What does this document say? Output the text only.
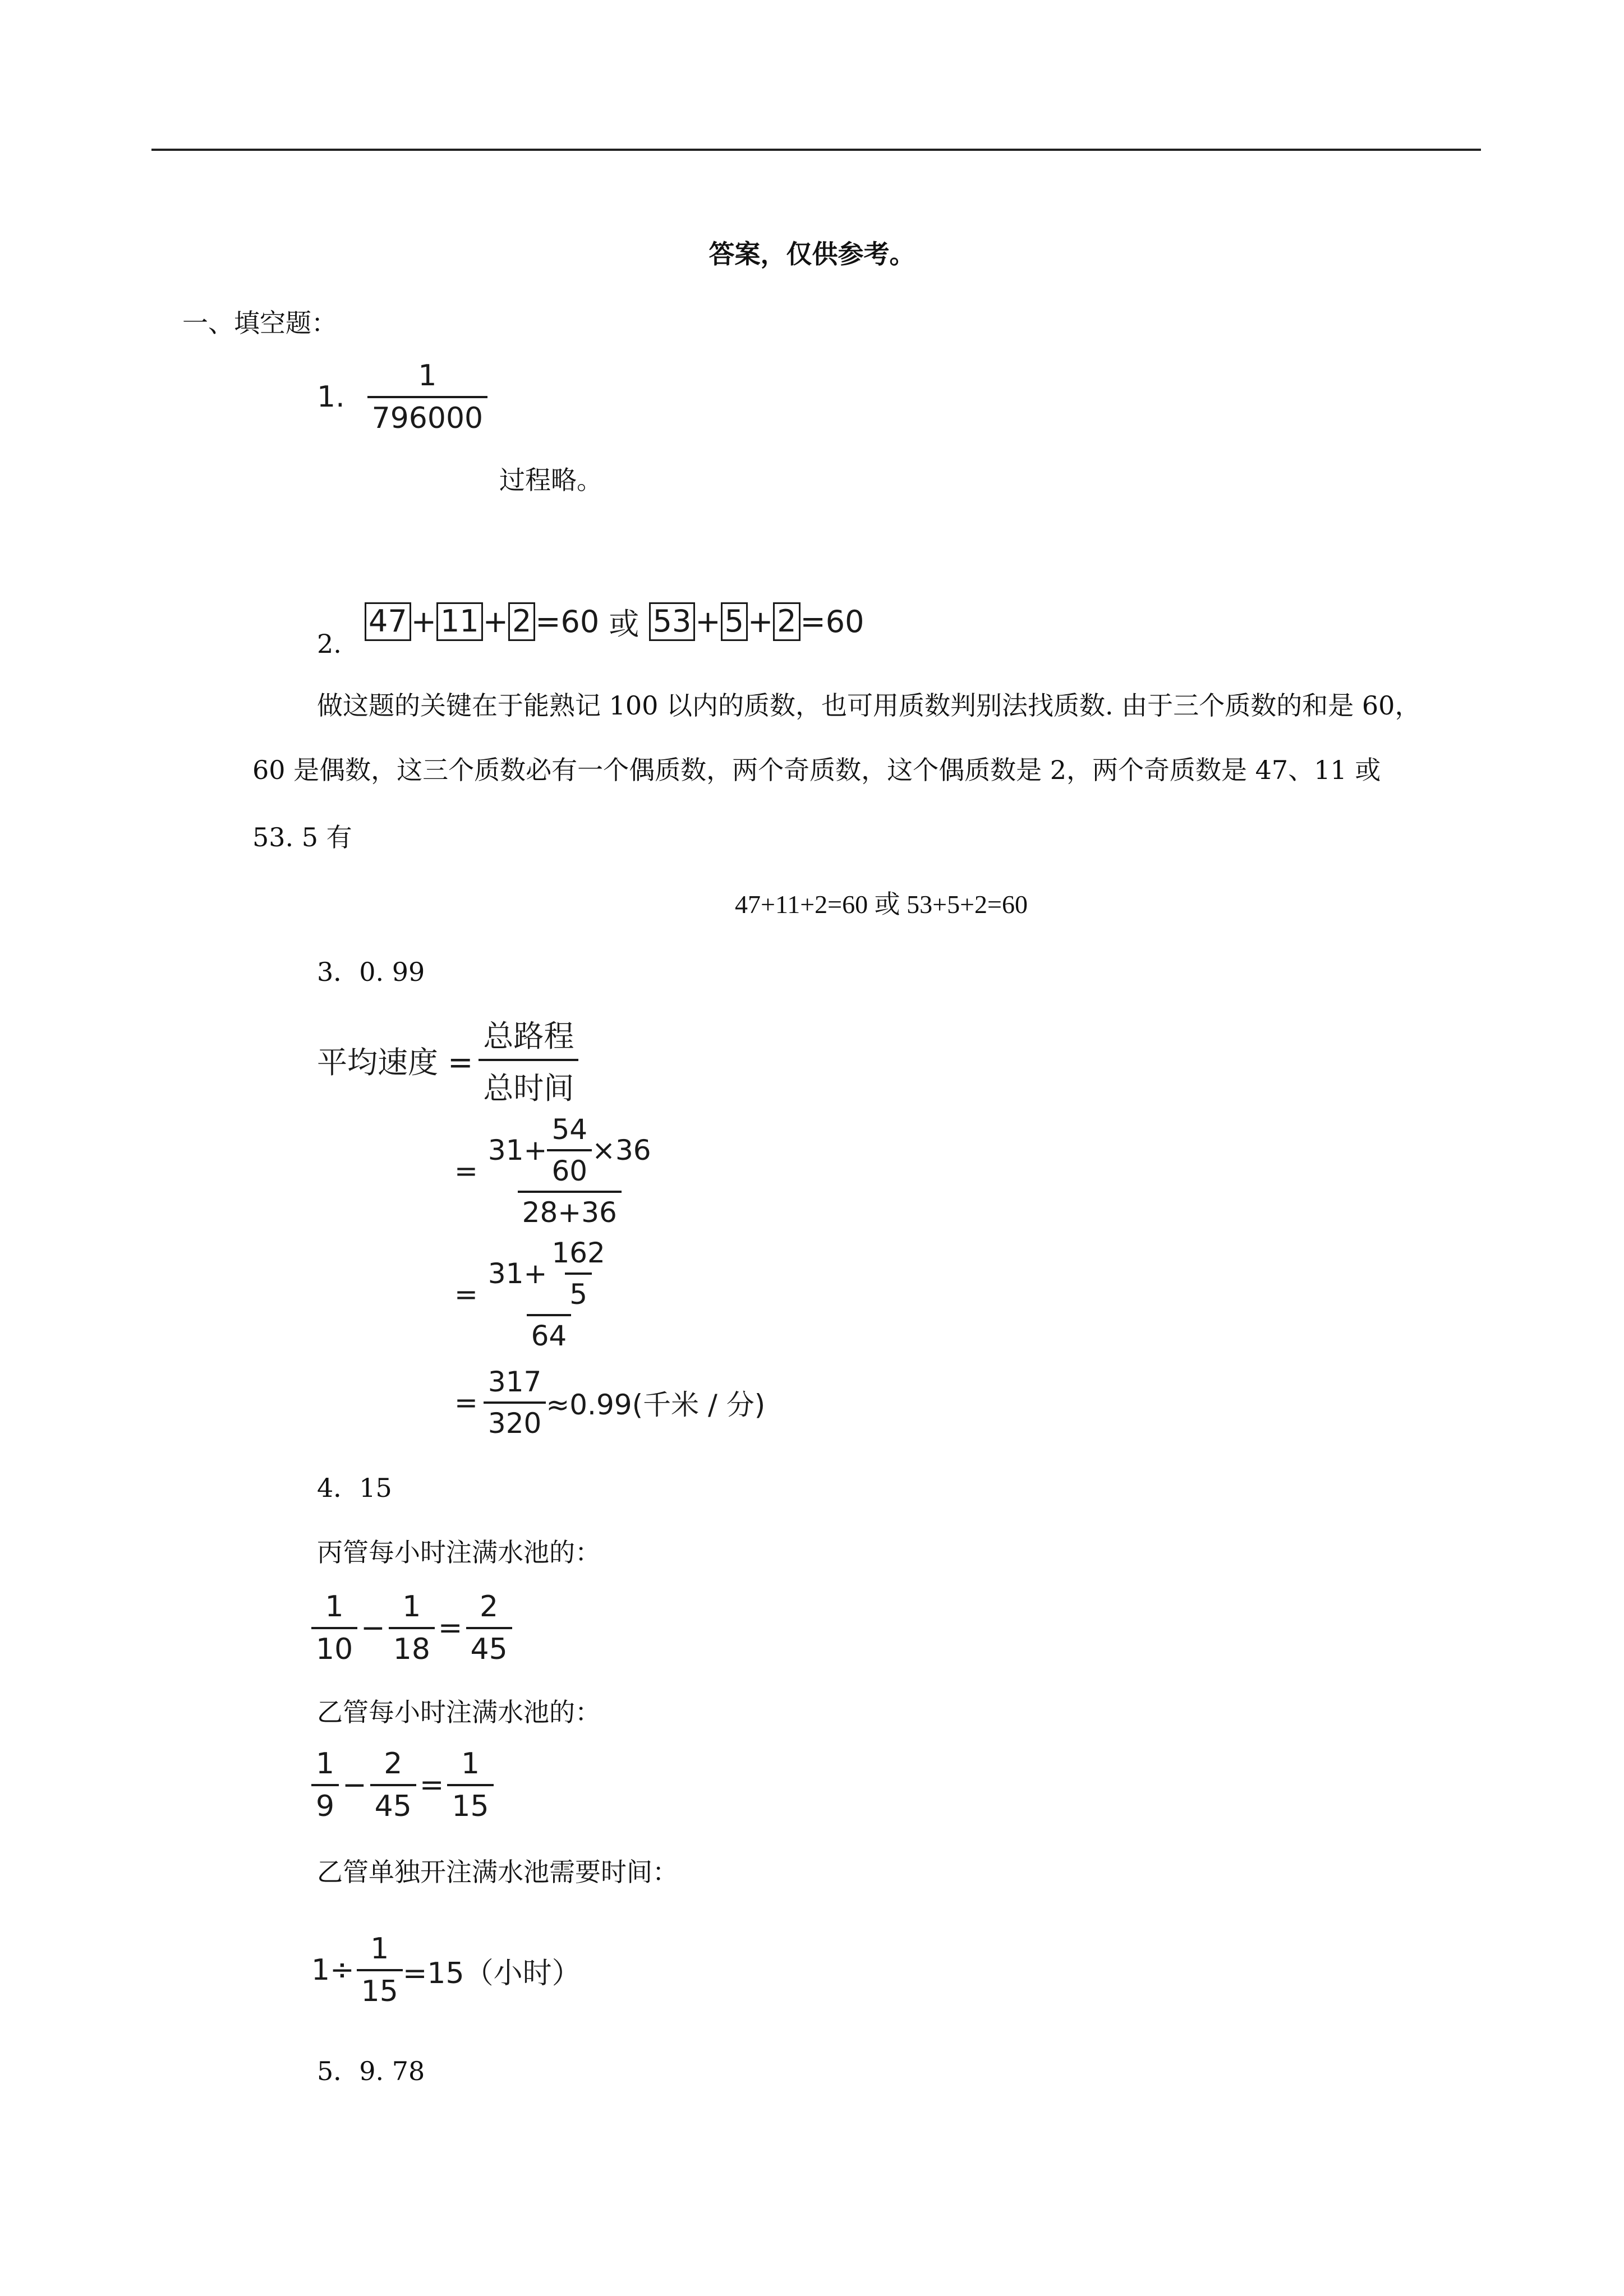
答案，仅供参考。
一、填空题：
1. $\frac{1}{796000}$
过程略。
2.
47 + 11 + 2 =60 或 53 + 5 + 2 =60
做这题的关键在于能熟记 100 以内的质数，也可用质数判别法找质数. 由于三个质数的和是 60，
60 是偶数，这三个质数必有一个偶质数，两个奇质数，这个偶质数是 2，两个奇质数是 47、11 或
53. 5 有
47+11+2=60 或 53+5+2=60
3．0. 99
平均速度 = $\frac{\text{总路程}}{\text{总时间}}$
= $\frac{31+ \frac{54}{60} \times 36}{28+36}$
= $\frac{31+ \frac{162}{5}}{64}$
= $\frac{317}{320} \approx 0.99$(千米 / 分)
4．15
丙管每小时注满水池的：
$\frac{1}{10} - \frac{1}{18} = \frac{2}{45}$
乙管每小时注满水池的：
$\frac{1}{9} - \frac{2}{45} = \frac{1}{15}$
乙管单独开注满水池需要时间：
$1\div \frac{1}{15} =15$（小时）
5．9. 78
